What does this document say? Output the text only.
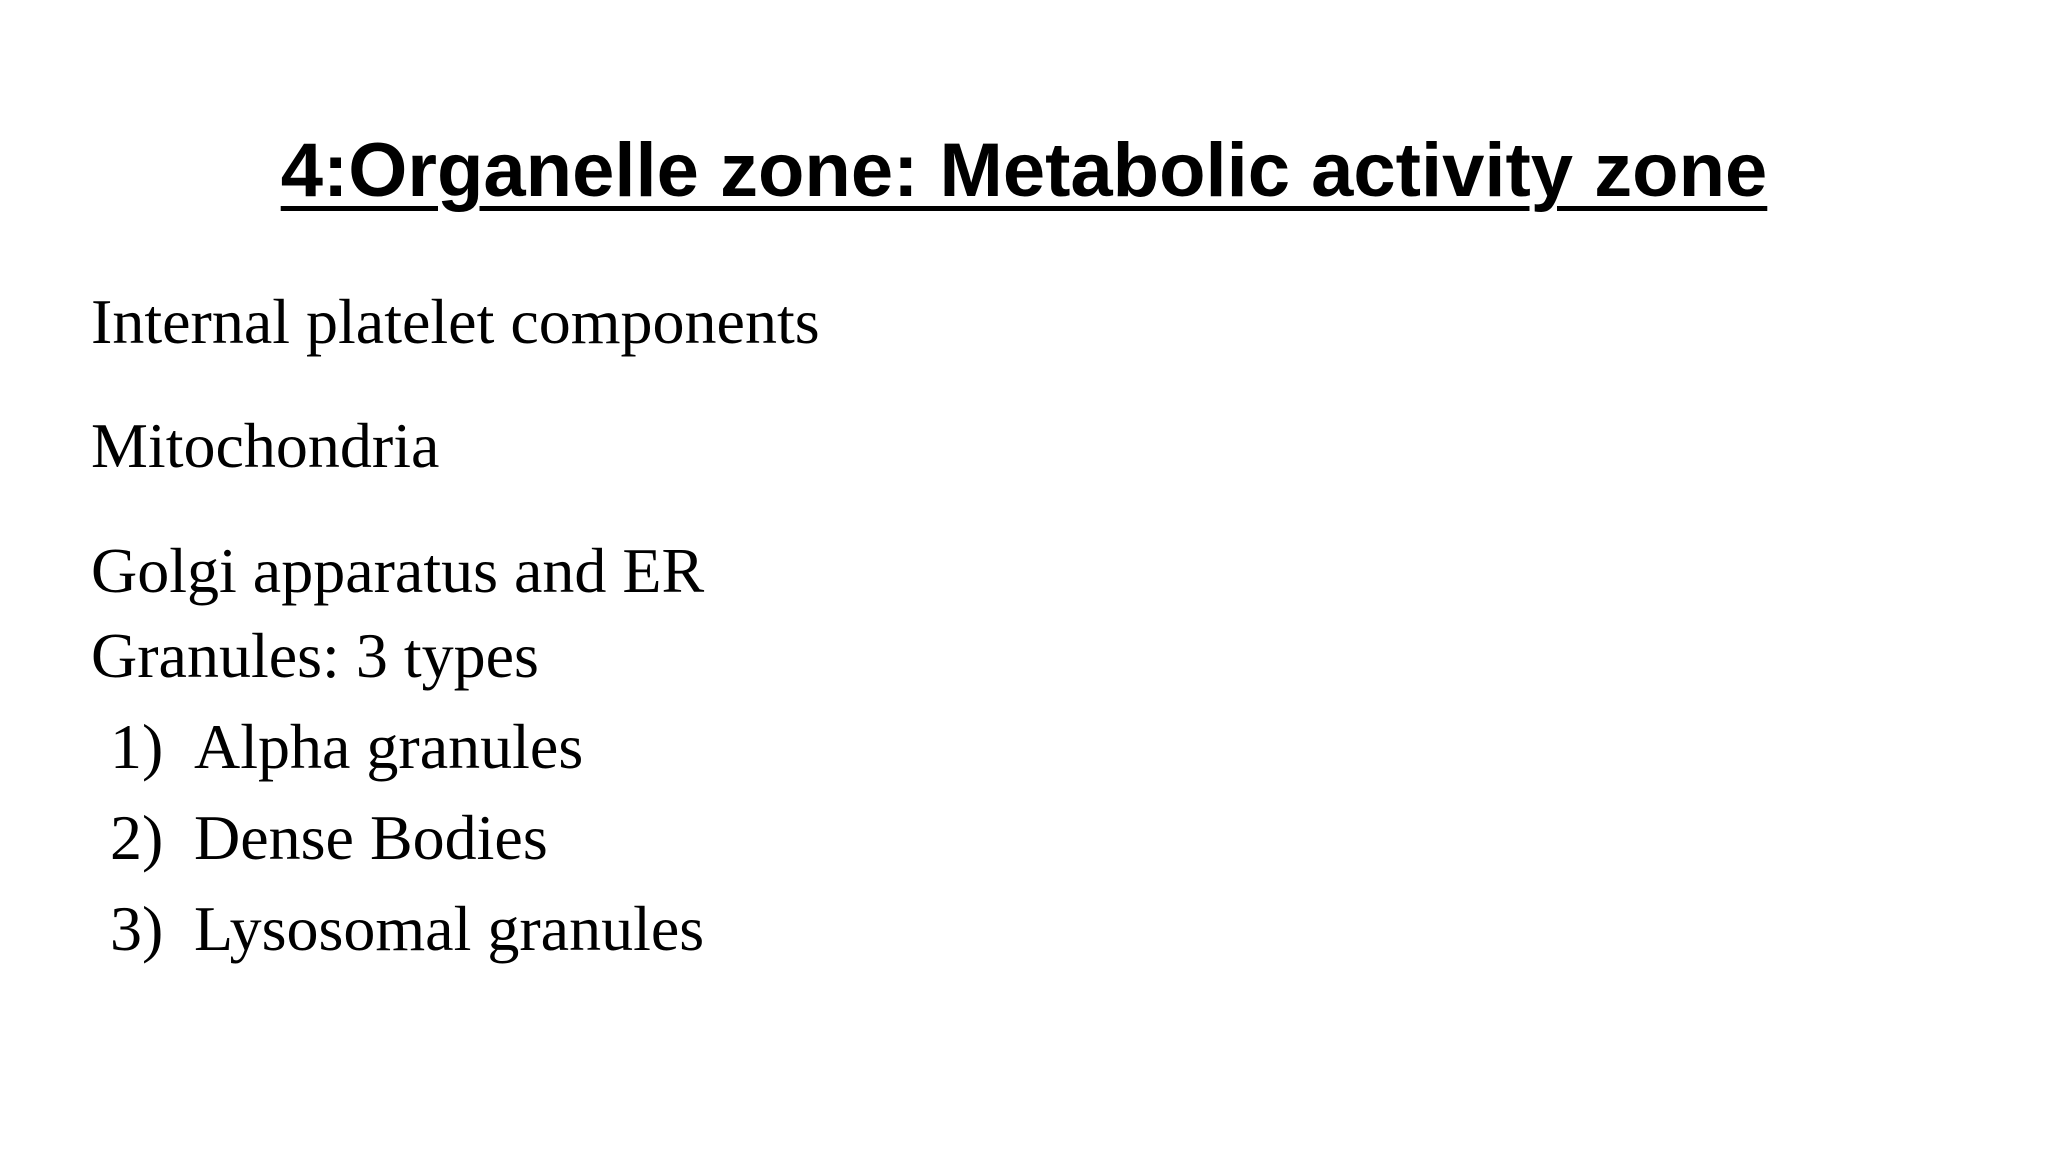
4:Organelle zone: Metabolic activity zone
Internal platelet components
Mitochondria
Golgi apparatus and ER
Granules: 3 types
1) Alpha granules
2) Dense Bodies
3) Lysosomal granules
